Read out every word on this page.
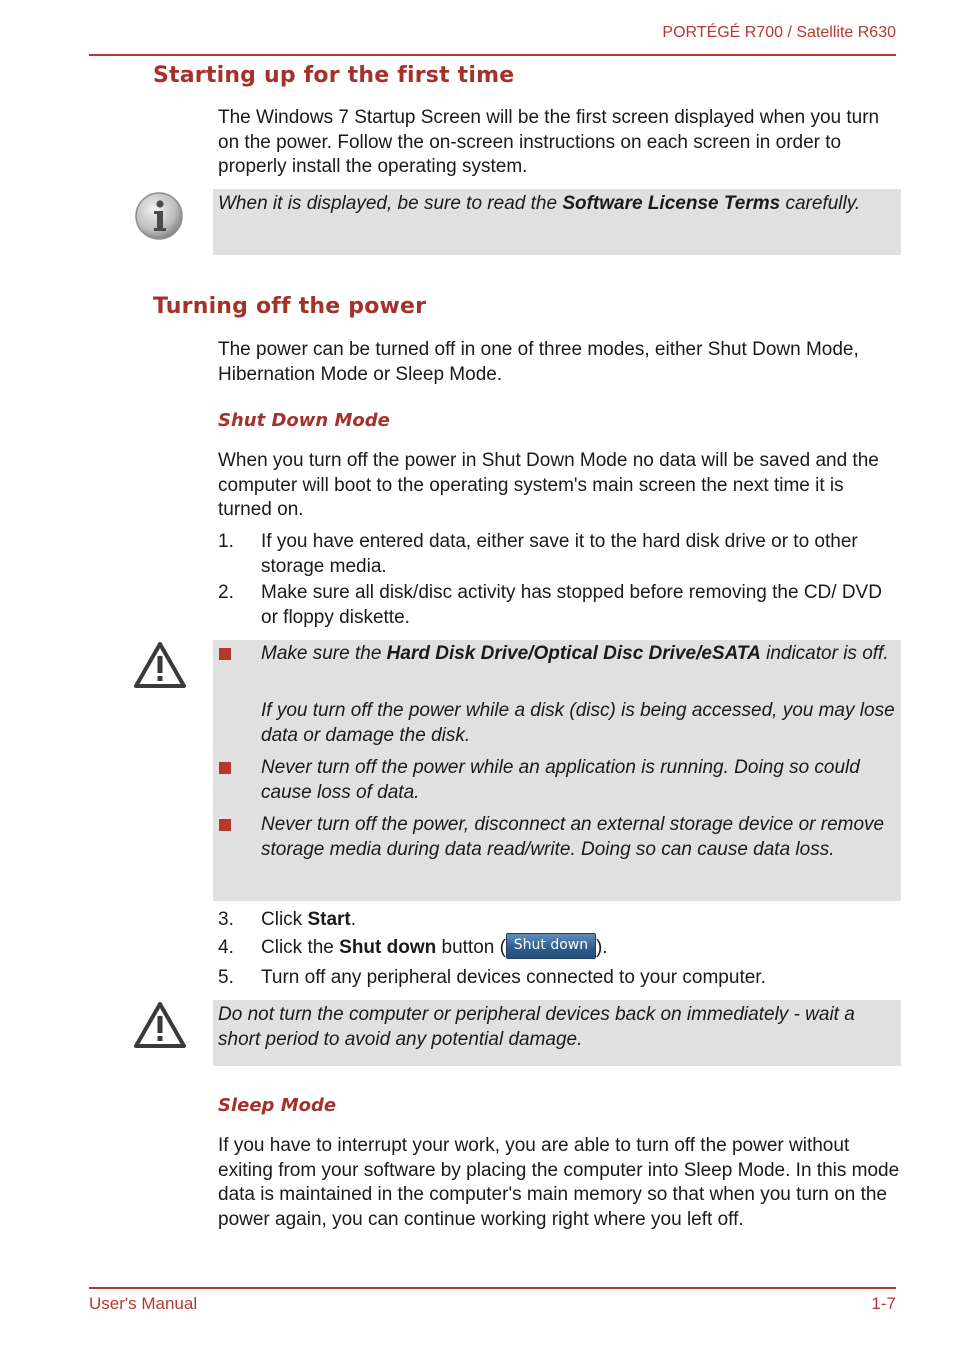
PORTÉGÉ R700 / Satellite R630
Starting up for the first time

The Windows 7 Startup Screen will be the first screen displayed when you turn on the power. Follow the on-screen instructions on each screen in order to properly install the operating system.

When it is displayed, be sure to read the Software License Terms carefully.
Turning off the power

The power can be turned off in one of three modes, either Shut Down Mode, Hibernation Mode or Sleep Mode.

Shut Down Mode

When you turn off the power in Shut Down Mode no data will be saved and the computer will boot to the operating system's main screen the next time it is turned on.

1.	If you have entered data, either save it to the hard disk drive or to other storage media.
2.	Make sure all disk/disc activity has stopped before removing the CD/ DVD or floppy diskette.
Make sure the Hard Disk Drive/Optical Disc Drive/eSATA indicator is off.
If you turn off the power while a disk (disc) is being accessed, you may lose data or damage the disk.
Never turn off the power while an application is running. Doing so could cause loss of data.
Never turn off the power, disconnect an external storage device or remove storage media during data read/write. Doing so can cause data loss.
3.	Click Start.
4.	Click the Shut down button ( Shut down ).
5.	Turn off any peripheral devices connected to your computer.
Do not turn the computer or peripheral devices back on immediately - wait a short period to avoid any potential damage.
Sleep Mode

If you have to interrupt your work, you are able to turn off the power without exiting from your software by placing the computer into Sleep Mode. In this mode data is maintained in the computer's main memory so that when you turn on the power again, you can continue working right where you left off.

User's Manual	1-7
